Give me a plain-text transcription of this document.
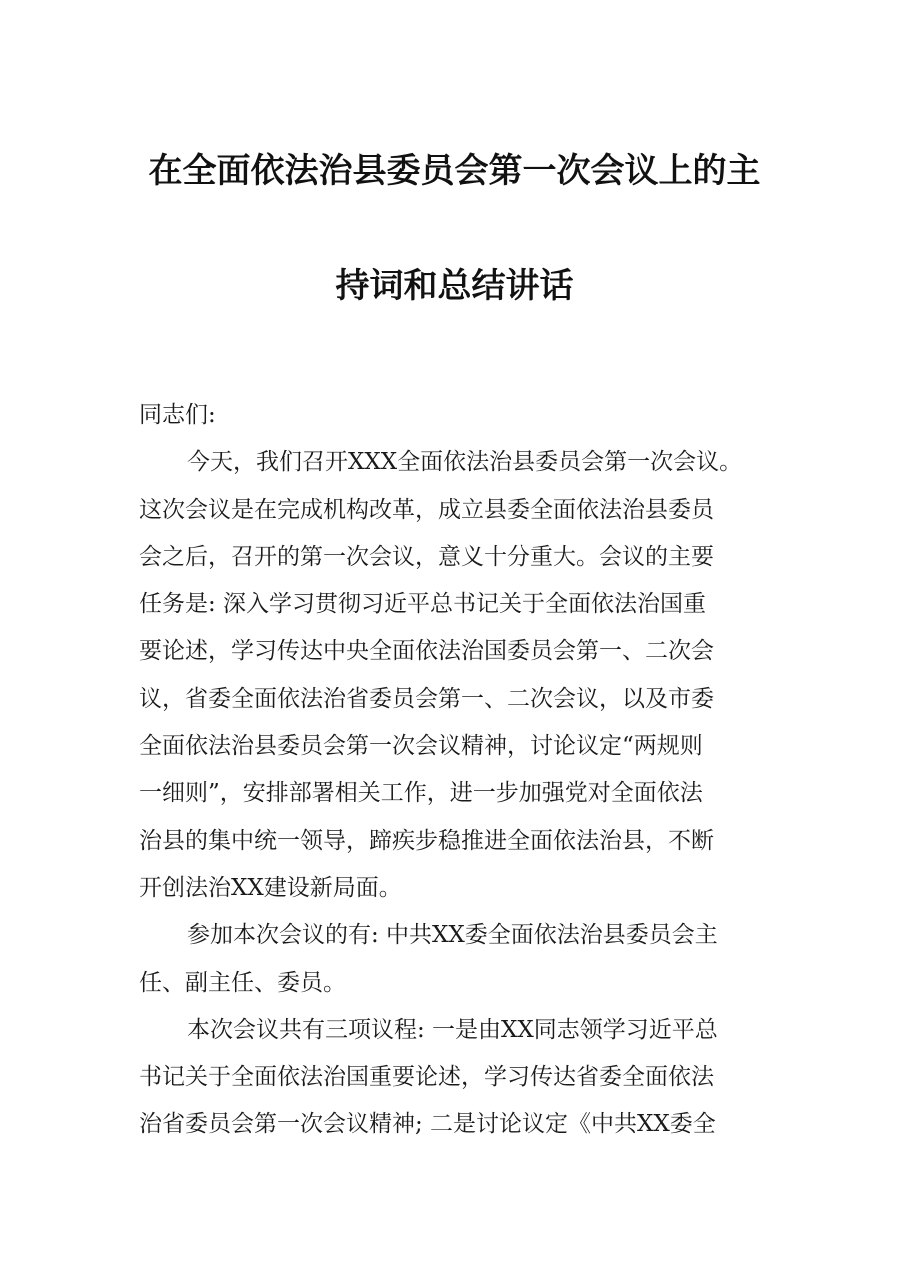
在全面依法治县委员会第一次会议上的主
持词和总结讲话
同志们:
今天，我们召开XXX全面依法治县委员会第一次会议。
这次会议是在完成机构改革，成立县委全面依法治县委员
会之后，召开的第一次会议，意义十分重大。会议的主要
任务是: 深入学习贯彻习近平总书记关于全面依法治国重
要论述，学习传达中央全面依法治国委员会第一、二次会
议，省委全面依法治省委员会第一、二次会议，以及市委
全面依法治县委员会第一次会议精神，讨论议定“两规则
一细则”，安排部署相关工作，进一步加强党对全面依法
治县的集中统一领导，蹄疾步稳推进全面依法治县，不断
开创法治XX建设新局面。
参加本次会议的有: 中共XX委全面依法治县委员会主
任、副主任、委员。
本次会议共有三项议程: 一是由XX同志领学习近平总
书记关于全面依法治国重要论述，学习传达省委全面依法
治省委员会第一次会议精神; 二是讨论议定《中共XX委全
